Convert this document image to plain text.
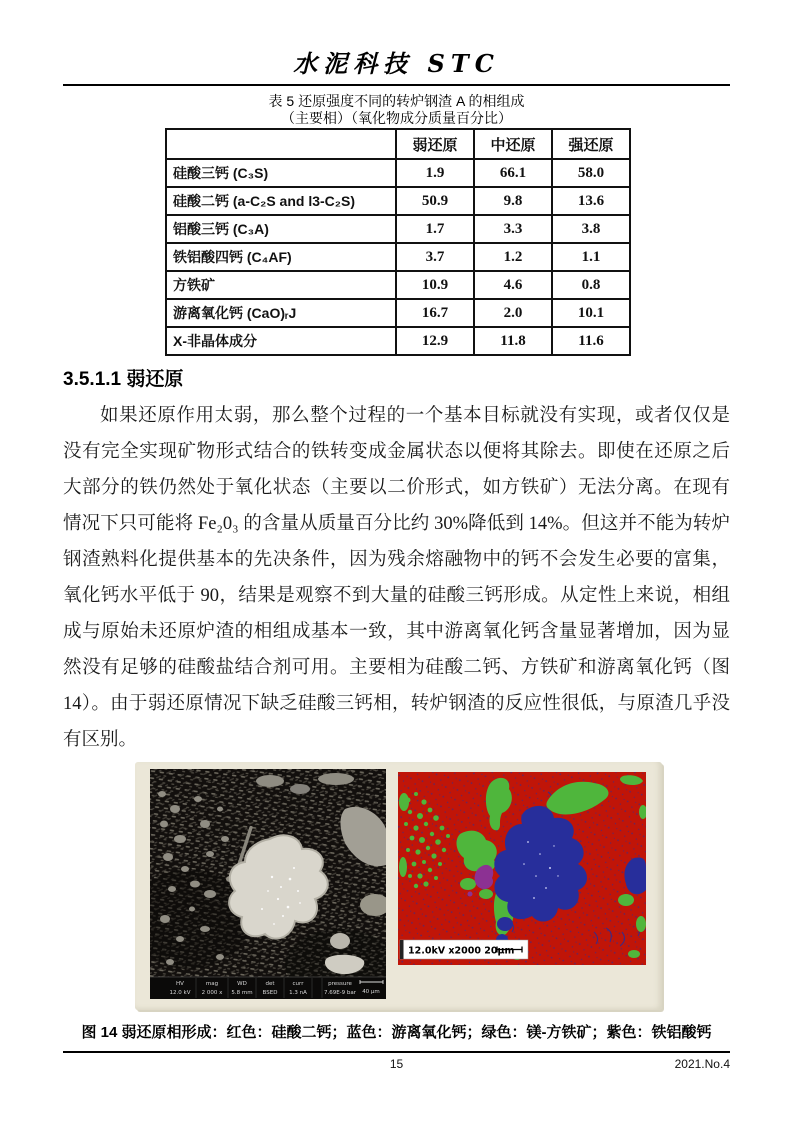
水泥科技 STC
表 5 还原强度不同的转炉钢渣 A 的相组成
（主要相）（氧化物成分质量百分比）
	弱还原	中还原	强还原
硅酸三钙 (C₃S)	1.9	66.1	58.0
硅酸二钙 (a-C₂S and l3-C₂S)	50.9	9.8	13.6
铝酸三钙 (C₃A)	1.7	3.3	3.8
铁铝酸四钙 (C₄AF)	3.7	1.2	1.1
方铁矿	10.9	4.6	0.8
游离氧化钙 (CaO)ᵣJ	16.7	2.0	10.1
X-非晶体成分	12.9	11.8	11.6
3.5.1.1 弱还原
如果还原作用太弱，那么整个过程的一个基本目标就没有实现，或者仅仅是
没有完全实现矿物形式结合的铁转变成金属状态以便将其除去。即使在还原之后
大部分的铁仍然处于氧化状态（主要以二价形式，如方铁矿）无法分离。在现有
情况下只可能将 Fe₂0₃ 的含量从质量百分比约 30%降低到 14%。但这并不能为转炉
钢渣熟料化提供基本的先决条件，因为残余熔融物中的钙不会发生必要的富集，
氧化钙水平低于 90，结果是观察不到大量的硅酸三钙形成。从定性上来说，相组
成与原始未还原炉渣的相组成基本一致，其中游离氧化钙含量显著增加，因为显
然没有足够的硅酸盐结合剂可用。主要相为硅酸二钙、方铁矿和游离氧化钙（图
14）。由于弱还原情况下缺乏硅酸三钙相，转炉钢渣的反应性很低，与原渣几乎没
有区别。
HV	mag	WD	det	curr	pressure
12.0 kV 2 000 x 5.8 mm BSED 1.3 nA	7.69E-9 bar 40 μm
12.0kV x2000 20μm
图 14 弱还原相形成：红色：硅酸二钙；蓝色：游离氧化钙；绿色：镁-方铁矿；紫色：铁铝酸钙
15	2021.No.4
